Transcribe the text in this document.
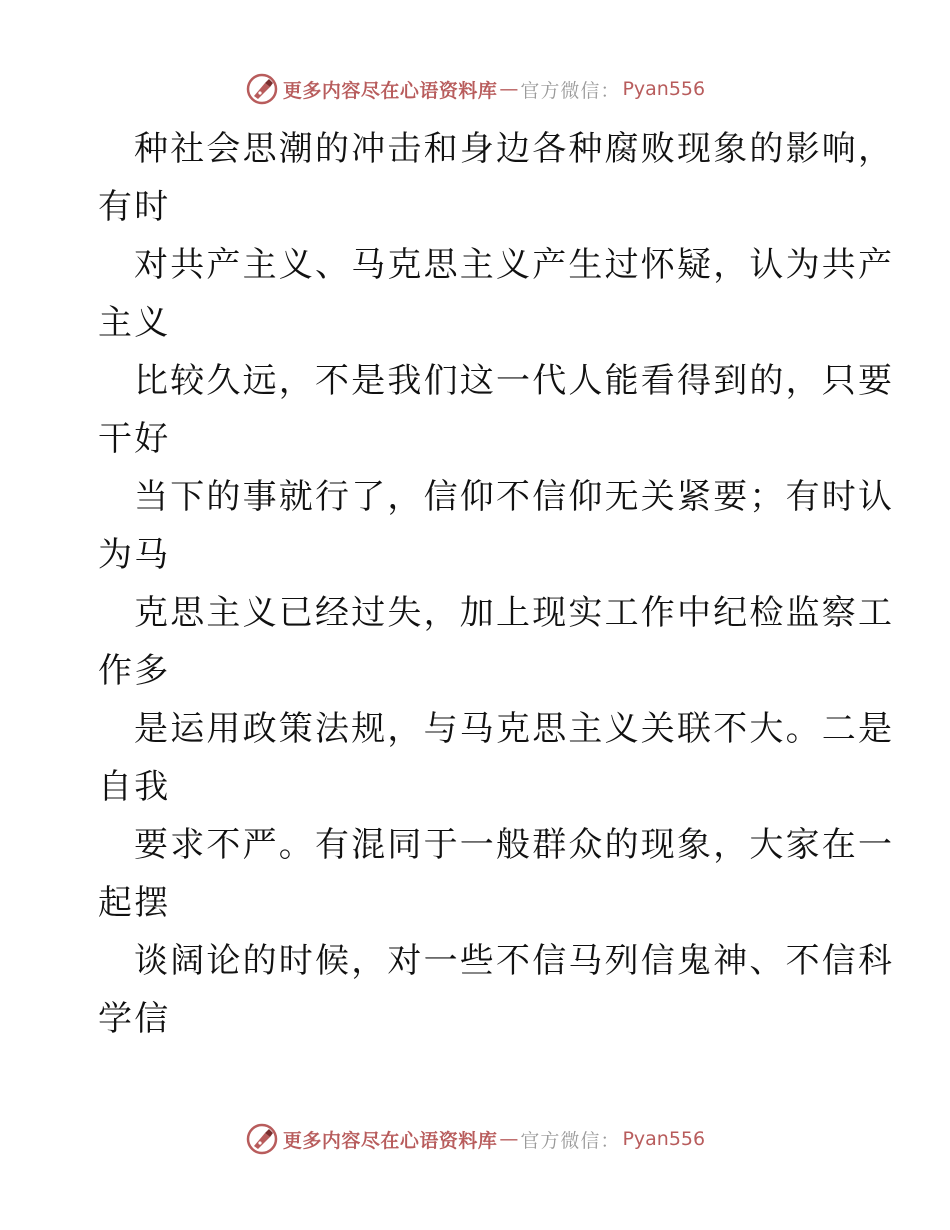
更多内容尽在心语资料库 — 官方微信： Pyan556
种社会思潮的冲击和身边各种腐败现象的影响，
有时
对共产主义、马克思主义产生过怀疑，认为共产
主义
比较久远，不是我们这一代人能看得到的，只要
干好
当下的事就行了，信仰不信仰无关紧要；有时认
为马
克思主义已经过失，加上现实工作中纪检监察工
作多
是运用政策法规，与马克思主义关联不大。二是
自我
要求不严。有混同于一般群众的现象，大家在一
起摆
谈阔论的时候，对一些不信马列信鬼神、不信科
学信
更多内容尽在心语资料库 — 官方微信： Pyan556
